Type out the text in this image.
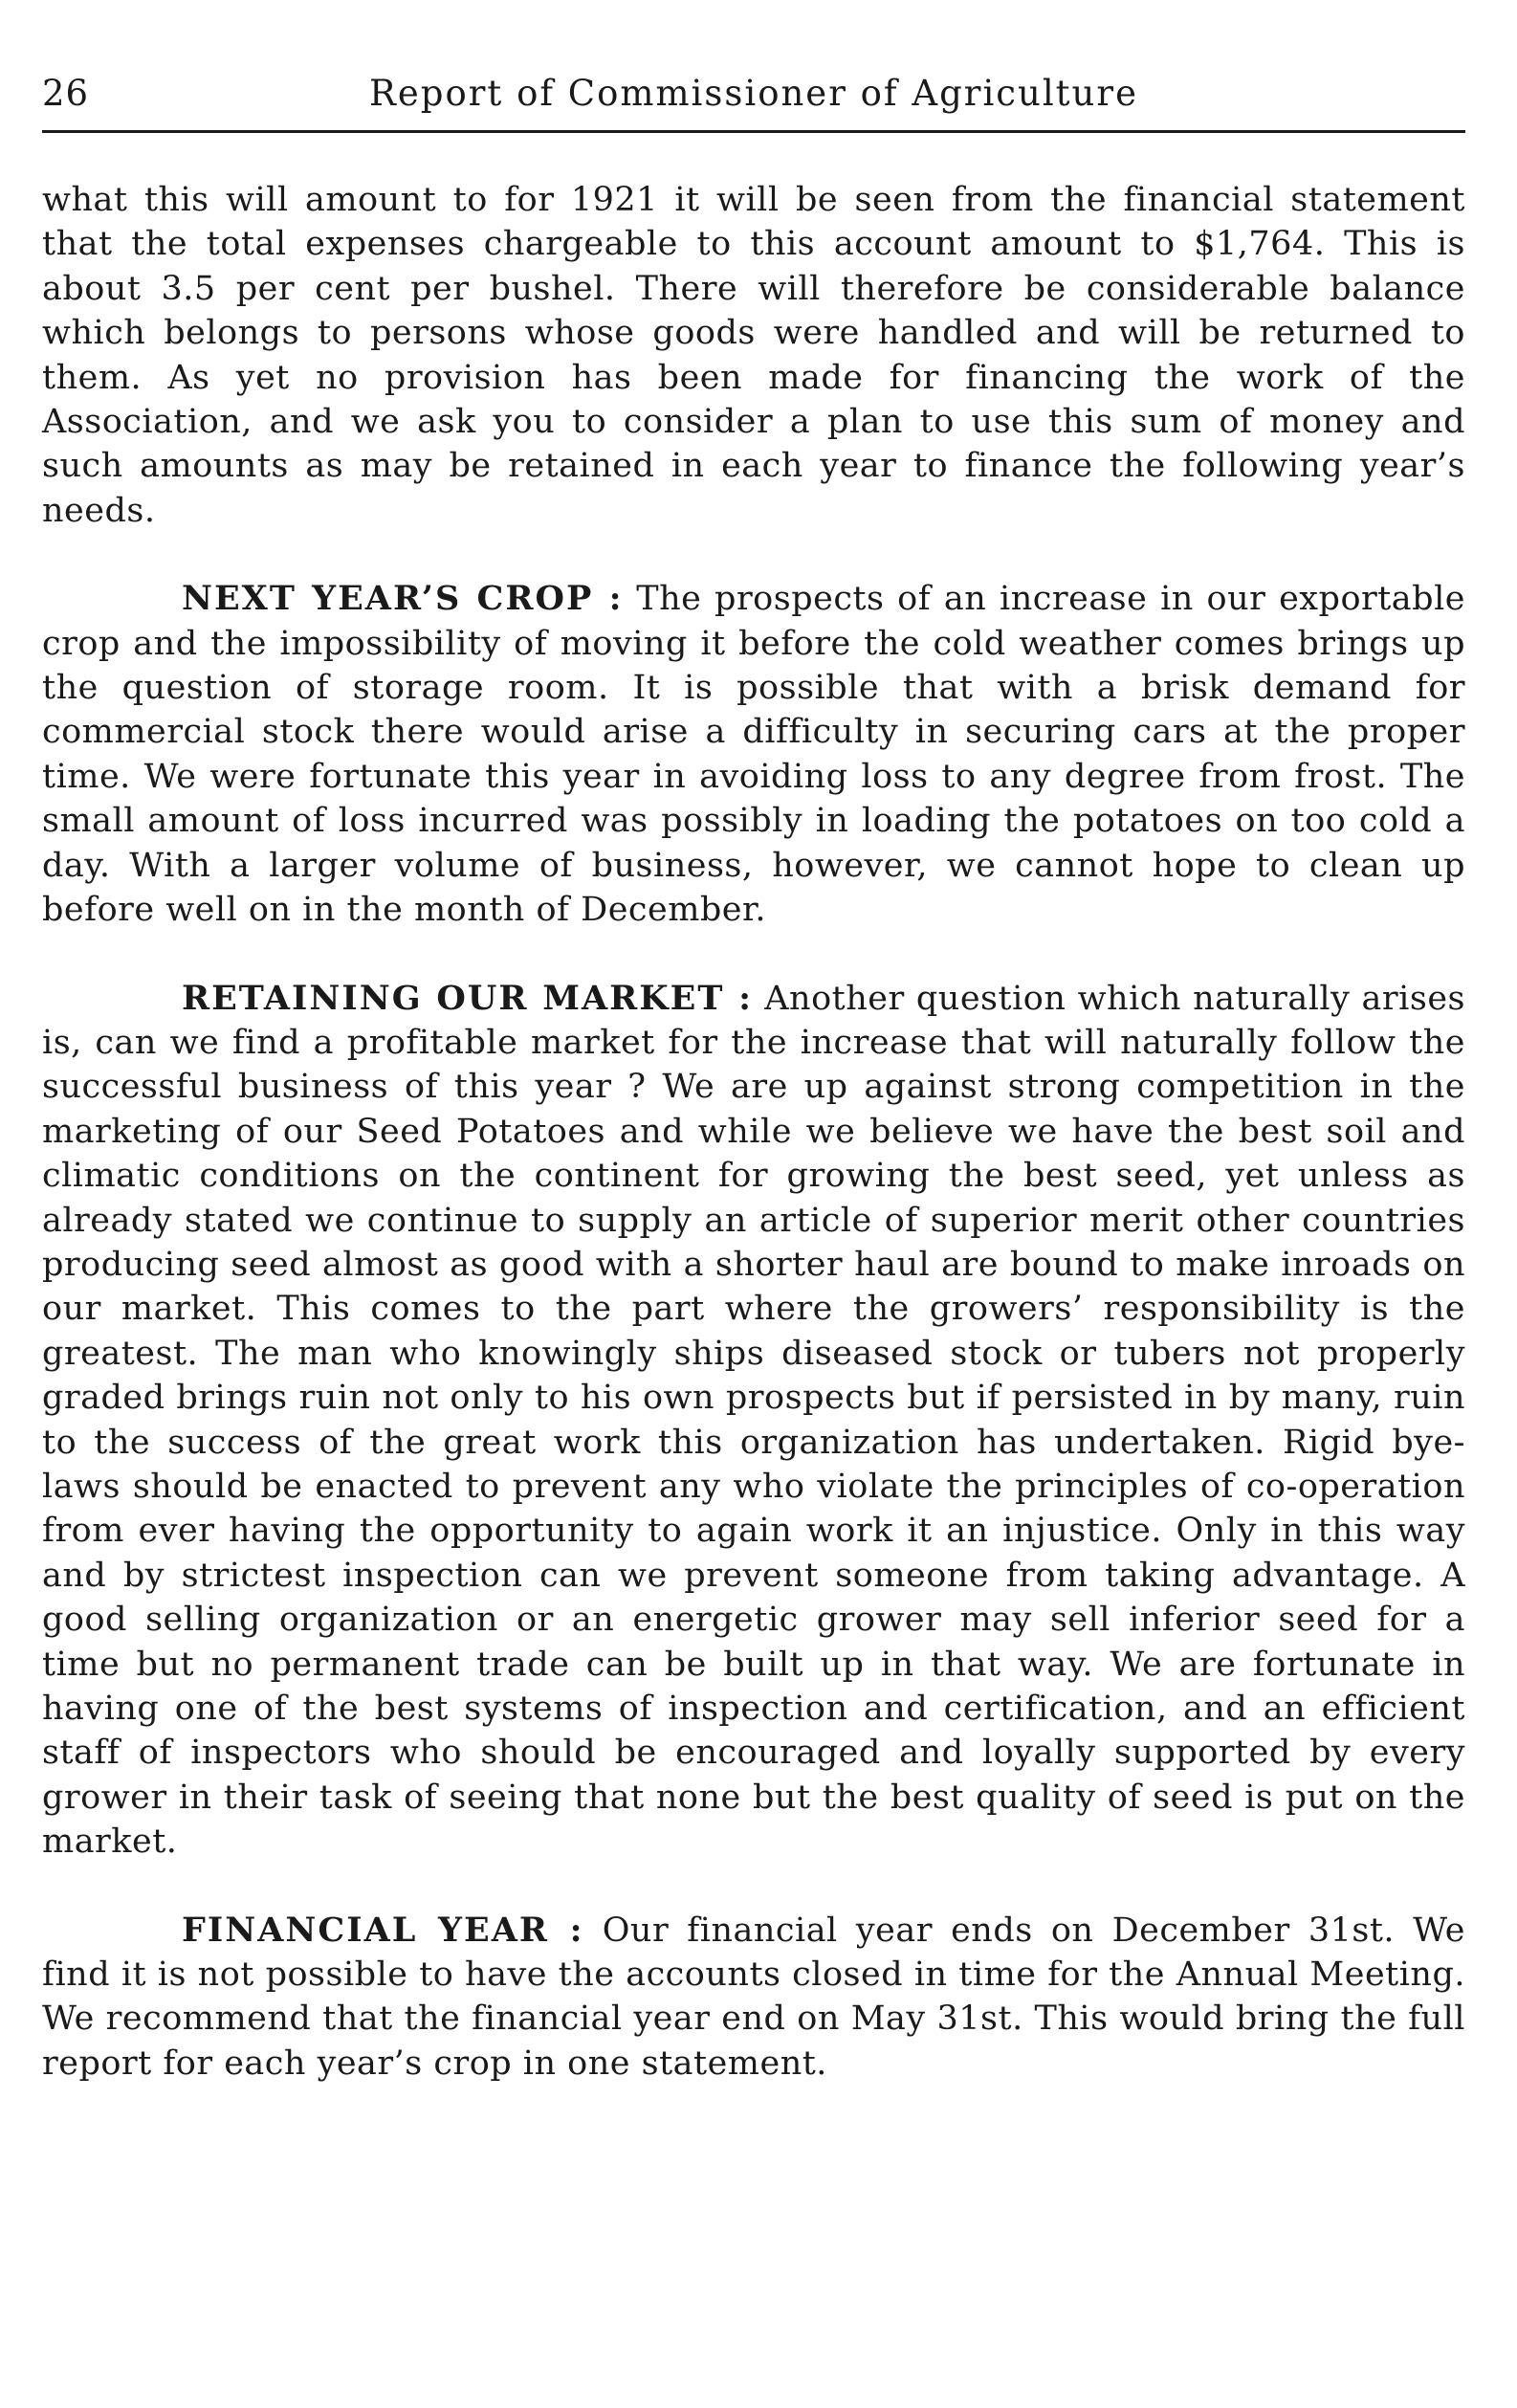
26	Report of Commissioner of Agriculture

what this will amount to for 1921 it will be seen from the financial statement that the total expenses chargeable to this account amount to $1,764. This is about 3.5 per cent per bushel. There will therefore be considerable balance which belongs to persons whose goods were handled and will be returned to them. As yet no provision has been made for financing the work of the Association, and we ask you to consider a plan to use this sum of money and such amounts as may be retained in each year to finance the following year’s needs.

NEXT YEAR’S CROP : The prospects of an increase in our exportable crop and the impossibility of moving it before the cold weather comes brings up the question of storage room. It is possible that with a brisk demand for commercial stock there would arise a difficulty in securing cars at the proper time. We were fortunate this year in avoiding loss to any degree from frost. The small amount of loss incurred was possibly in loading the potatoes on too cold a day. With a larger volume of business, however, we cannot hope to clean up before well on in the month of December.

RETAINING OUR MARKET : Another question which naturally arises is, can we find a profitable market for the increase that will naturally follow the successful business of this year ? We are up against strong competition in the marketing of our Seed Potatoes and while we believe we have the best soil and climatic conditions on the continent for growing the best seed, yet unless as already stated we continue to supply an article of superior merit other countries producing seed almost as good with a shorter haul are bound to make inroads on our market. This comes to the part where the growers’ responsibility is the greatest. The man who knowingly ships diseased stock or tubers not properly graded brings ruin not only to his own prospects but if persisted in by many, ruin to the success of the great work this organization has undertaken. Rigid bye-laws should be enacted to prevent any who violate the principles of co-operation from ever having the opportunity to again work it an injustice. Only in this way and by strictest inspection can we prevent someone from taking advantage. A good selling organization or an energetic grower may sell inferior seed for a time but no permanent trade can be built up in that way. We are fortunate in having one of the best systems of inspection and certification, and an efficient staff of inspectors who should be encouraged and loyally supported by every grower in their task of seeing that none but the best quality of seed is put on the market.

FINANCIAL YEAR : Our financial year ends on December 31st. We find it is not possible to have the accounts closed in time for the Annual Meeting. We recommend that the financial year end on May 31st. This would bring the full report for each year’s crop in one statement.
